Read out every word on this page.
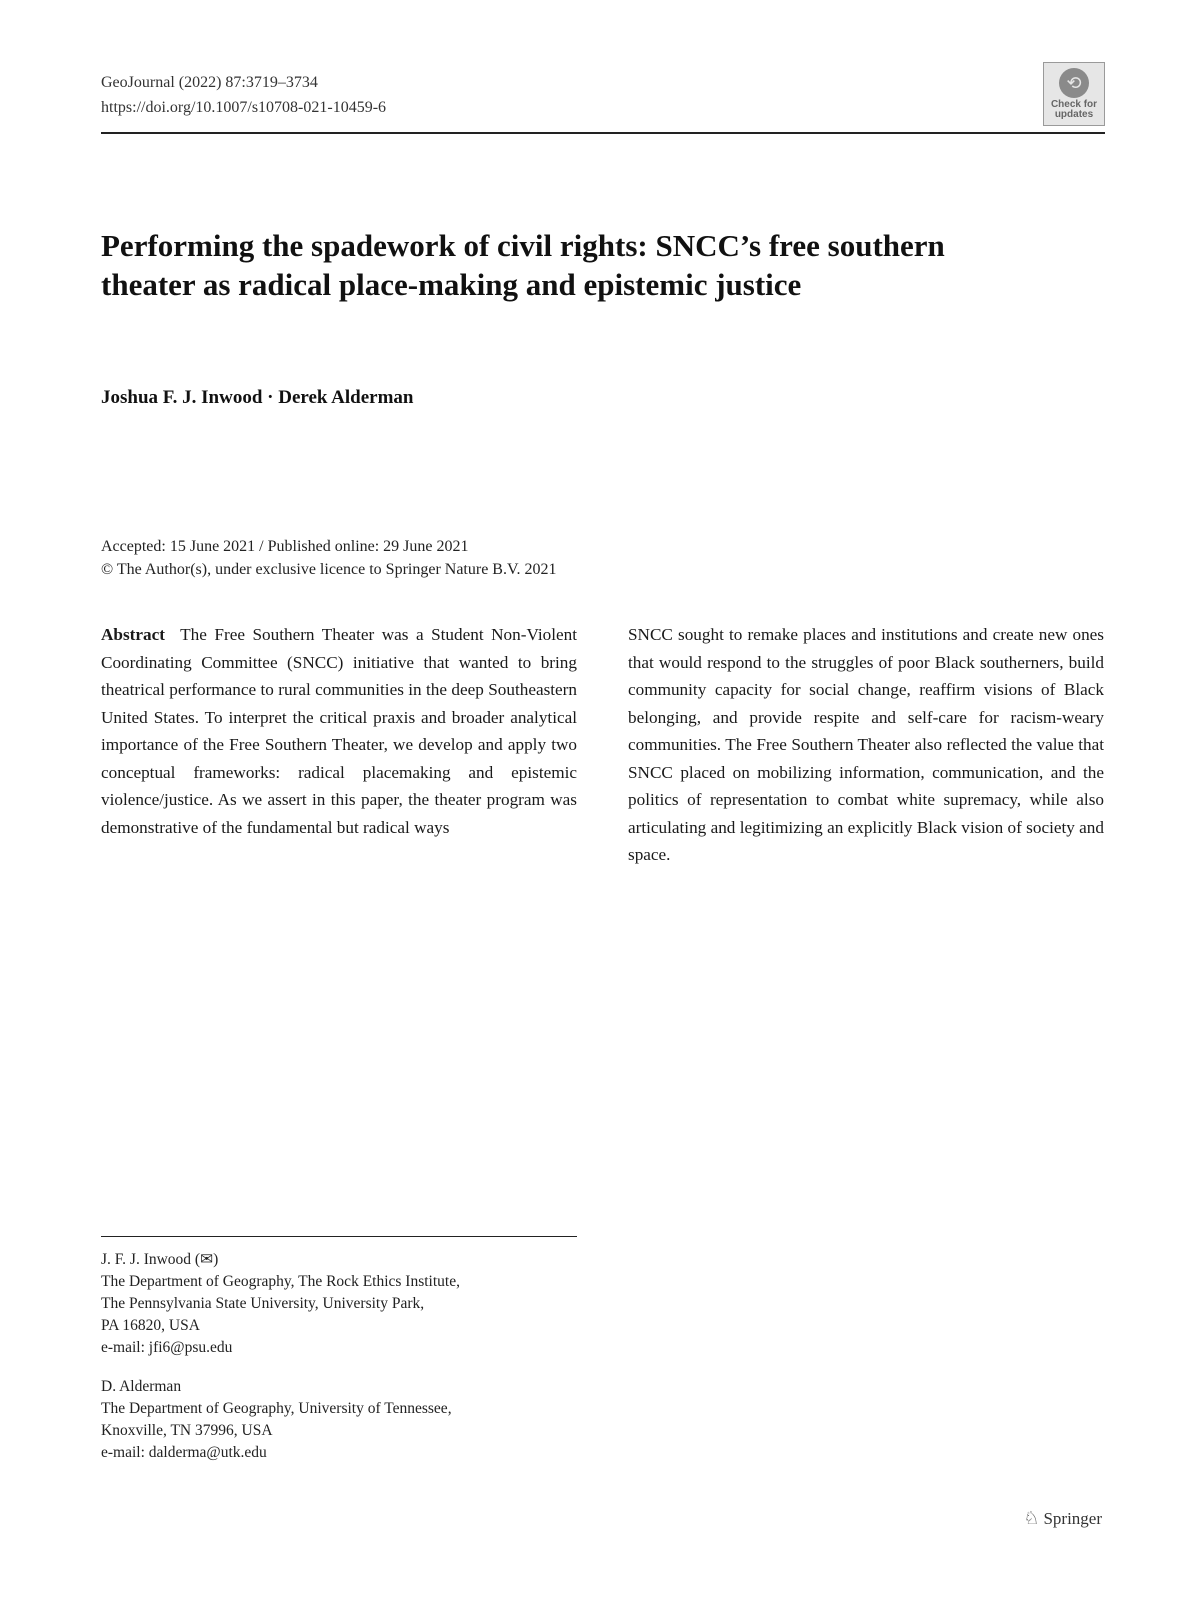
GeoJournal (2022) 87:3719–3734
https://doi.org/10.1007/s10708-021-10459-6
⟲
Check for updates
Performing the spadework of civil rights: SNCC’s free southern theater as radical place-making and epistemic justice
Joshua F. J. Inwood · Derek Alderman
Accepted: 15 June 2021 / Published online: 29 June 2021
© The Author(s), under exclusive licence to Springer Nature B.V. 2021
Abstract The Free Southern Theater was a Student Non-Violent Coordinating Committee (SNCC) initiative that wanted to bring theatrical performance to rural communities in the deep Southeastern United States. To interpret the critical praxis and broader analytical importance of the Free Southern Theater, we develop and apply two conceptual frameworks: radical placemaking and epistemic violence/justice. As we assert in this paper, the theater program was demonstrative of the fundamental but radical ways
SNCC sought to remake places and institutions and create new ones that would respond to the struggles of poor Black southerners, build community capacity for social change, reaffirm visions of Black belonging, and provide respite and self-care for racism-weary communities. The Free Southern Theater also reflected the value that SNCC placed on mobilizing information, communication, and the politics of representation to combat white supremacy, while also articulating and legitimizing an explicitly Black vision of society and space.
J. F. J. Inwood (✉)
The Department of Geography, The Rock Ethics Institute,
The Pennsylvania State University, University Park,
PA 16820, USA
e-mail: jfi6@psu.edu
D. Alderman
The Department of Geography, University of Tennessee,
Knoxville, TN 37996, USA
e-mail: dalderma@utk.edu
♘ Springer
